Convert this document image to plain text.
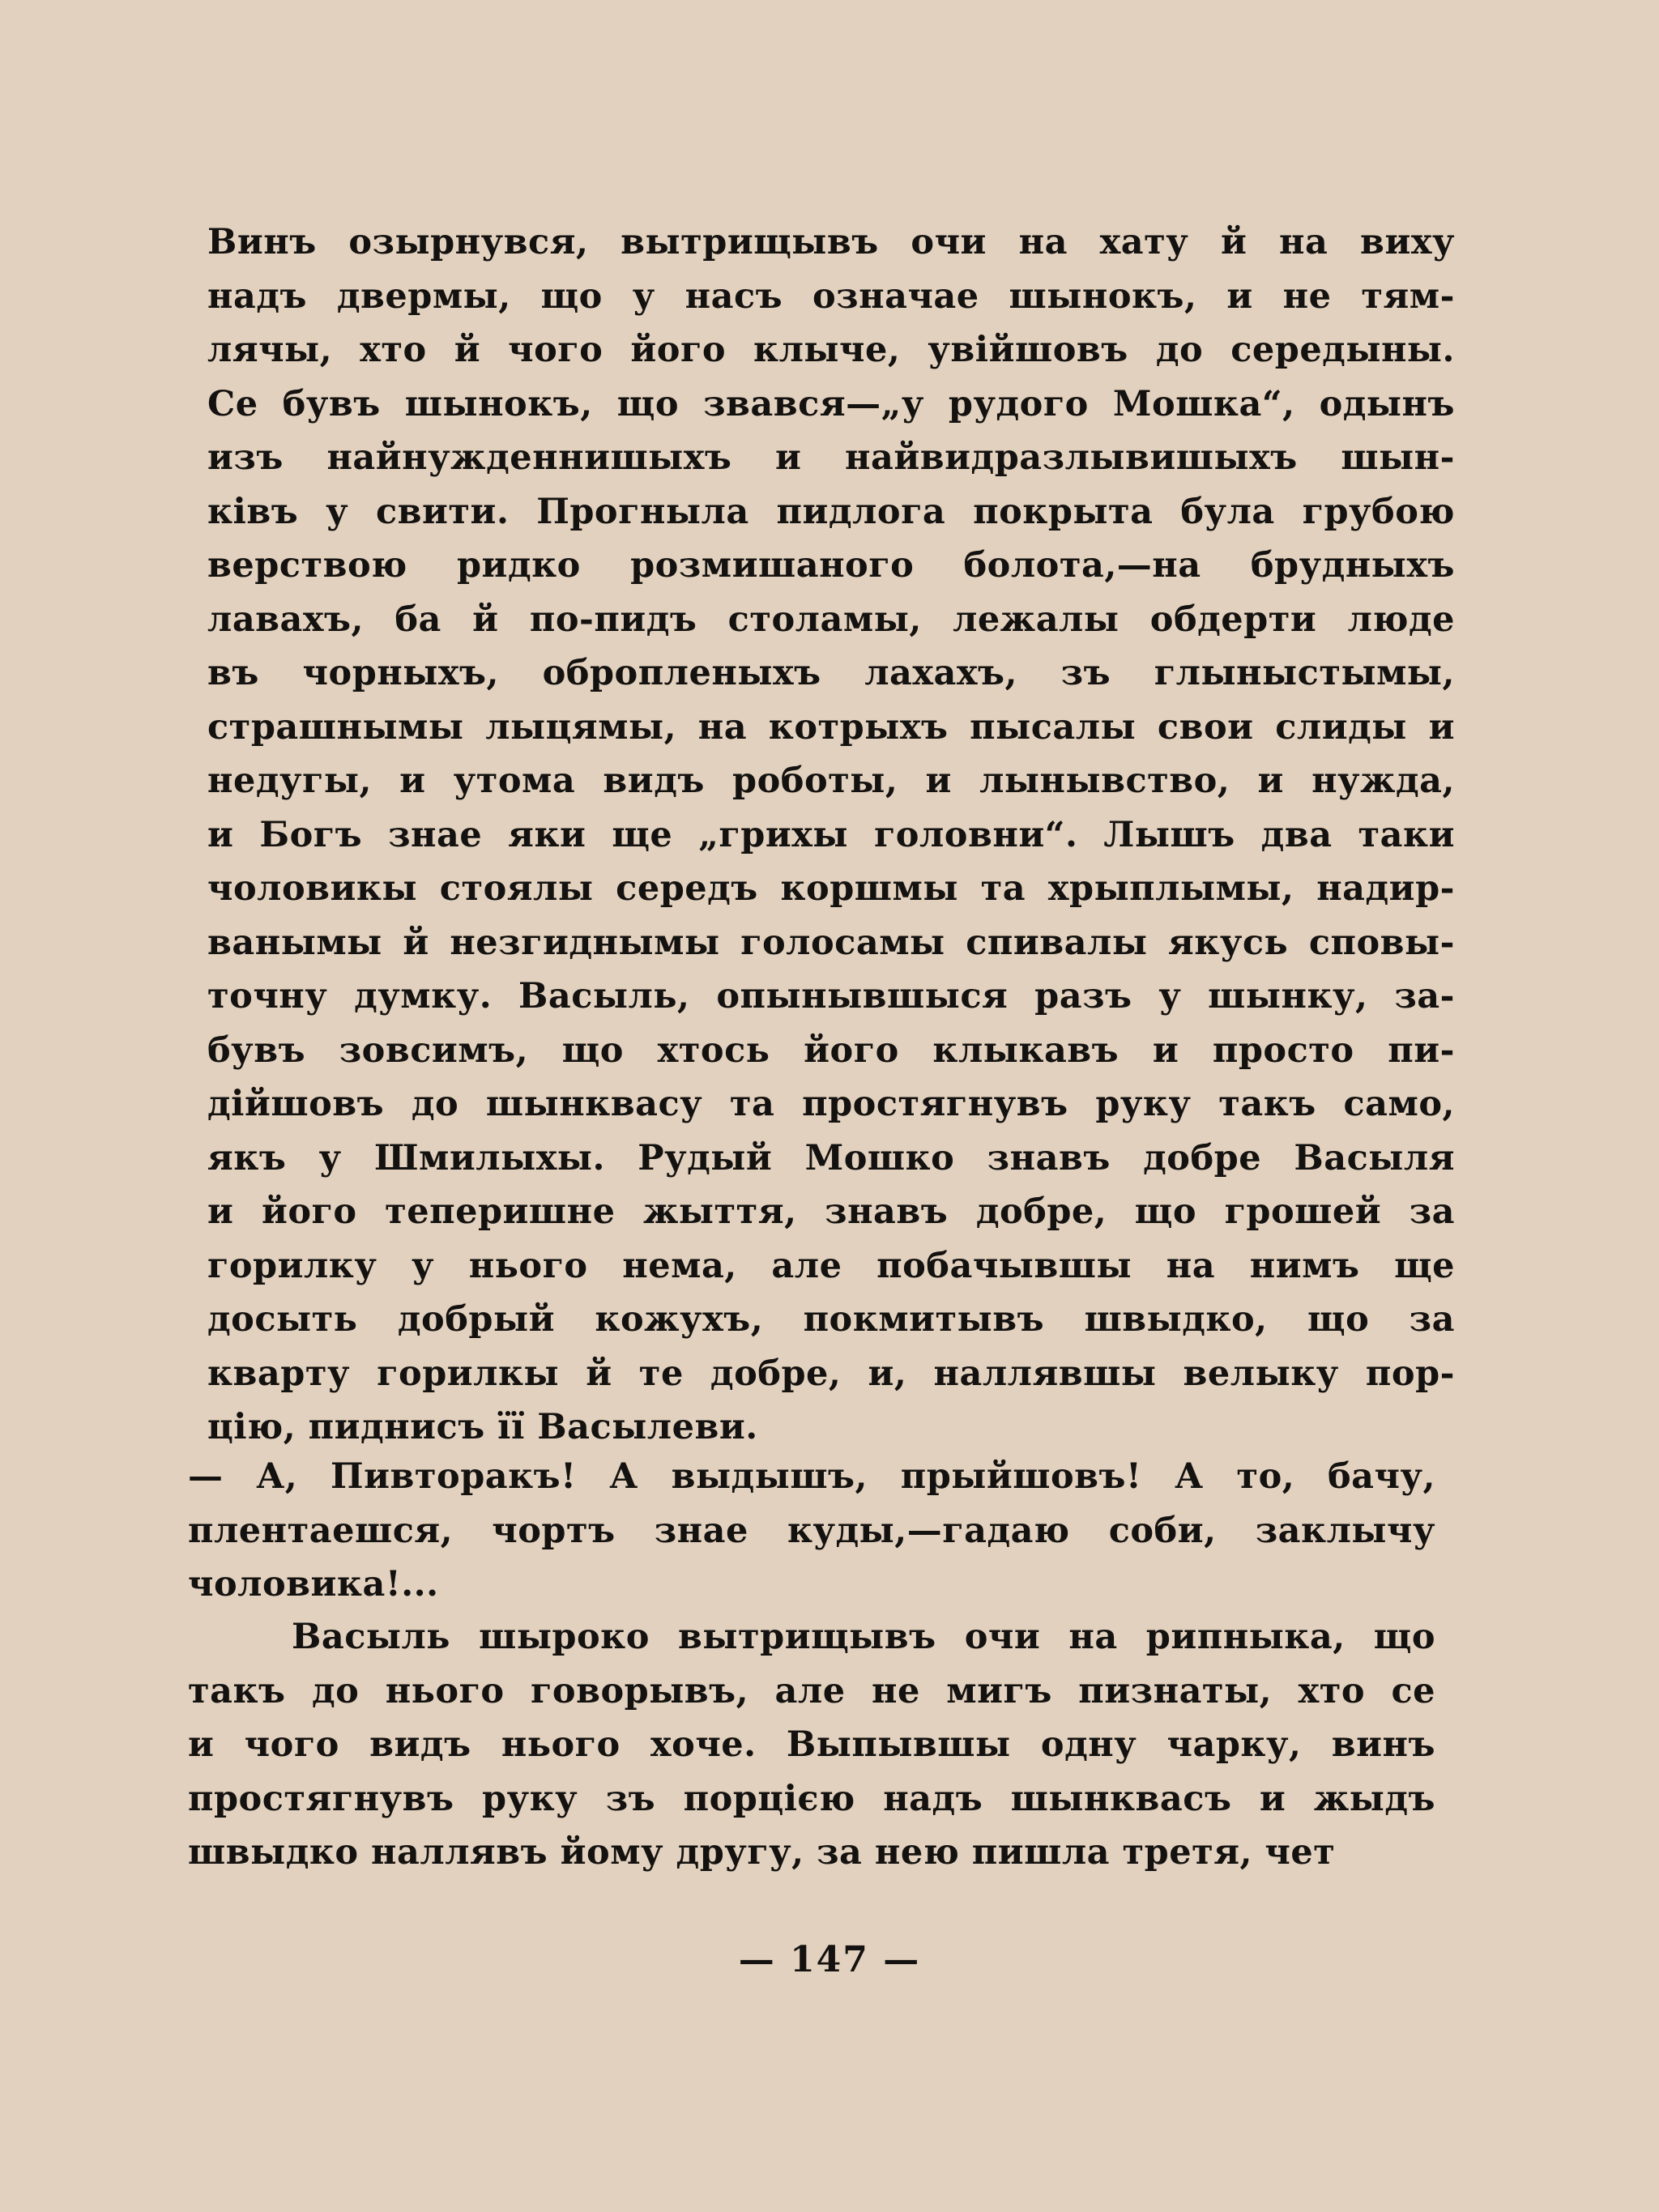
Винъ озырнувся, вытрищывъ очи на хату й на виху
надъ двермы, що у насъ означае шынокъ, и не тям-
лячы, хто й чого його клыче, увійшовъ до середыны.
Се бувъ шынокъ, що звався—„у рудого Мошка“, одынъ
изъ найнужденнишыхъ и найвидразлывишыхъ шын-
ківъ у свити. Прогныла пидлога покрыта була грубою
верствою ридко розмишаного болота,—на брудныхъ
лавахъ, ба й по-пидъ столамы, лежалы обдерти люде
въ чорныхъ, обропленыхъ лахахъ, зъ глыныстымы,
страшнымы лыцямы, на котрыхъ пысалы свои слиды и
недугы, и утома видъ роботы, и лынывство, и нужда,
и Богъ знае яки ще „грихы головни“. Лышъ два таки
чоловикы стоялы середъ коршмы та хрыплымы, надир-
ванымы й незгиднымы голосамы спивалы якусь сповы-
точну думку. Васыль, опынывшыся разъ у шынку, за-
бувъ зовсимъ, що хтось його клыкавъ и просто пи-
дійшовъ до шынквасу та простягнувъ руку такъ само,
якъ у Шмилыхы. Рудый Мошко знавъ добре Васыля
и його теперишне жыття, знавъ добре, що грошей за
горилку у нього нема, але побачывшы на нимъ ще
досыть добрый кожухъ, покмитывъ швыдко, що за
кварту горилкы й те добре, и, наллявшы велыку пор-
цію, пиднисъ її Васылеви.
— А, Пивторакъ! А выдышъ, прыйшовъ! А то, бачу,
плентаешся, чортъ знае куды,—гадаю соби, заклычу
чоловика!...
Васыль шыроко вытрищывъ очи на рипныка, що
такъ до нього говорывъ, але не мигъ пизнаты, хто се
и чого видъ нього хоче. Выпывшы одну чарку, винъ
простягнувъ руку зъ порцією надъ шынквасъ и жыдъ
швыдко наллявъ йому другу, за нею пишла третя, чет
— 147 —
